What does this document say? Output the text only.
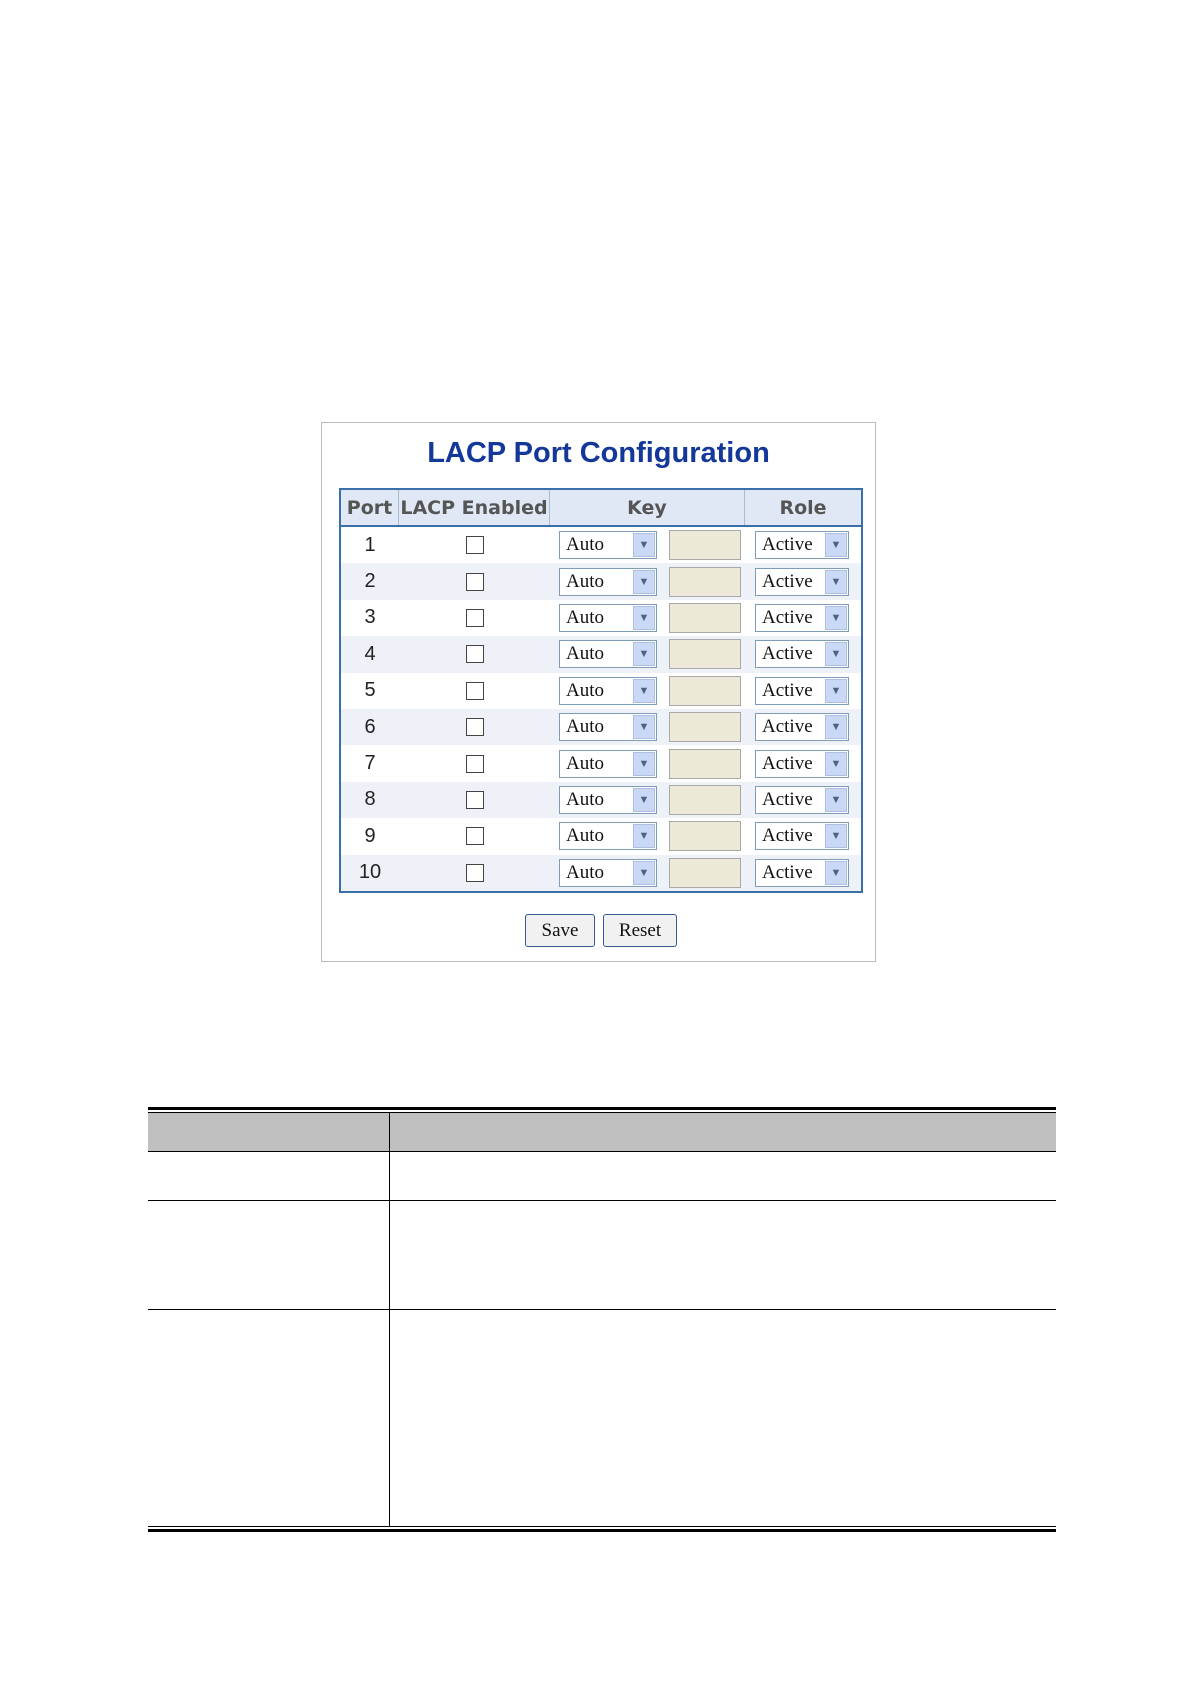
LACP Port Configuration
Port LACP Enabled	Key	Role
1	Auto	▼	Active	▼
2	Auto	▼	Active	▼
3	Auto	▼	Active	▼
4	Auto	▼	Active	▼
5	Auto	▼	Active	▼
6	Auto	▼	Active	▼
7	Auto	▼	Active	▼
8	Auto	▼	Active	▼
9	Auto	▼	Active	▼
10	Auto	▼	Active	▼
Save	Reset
